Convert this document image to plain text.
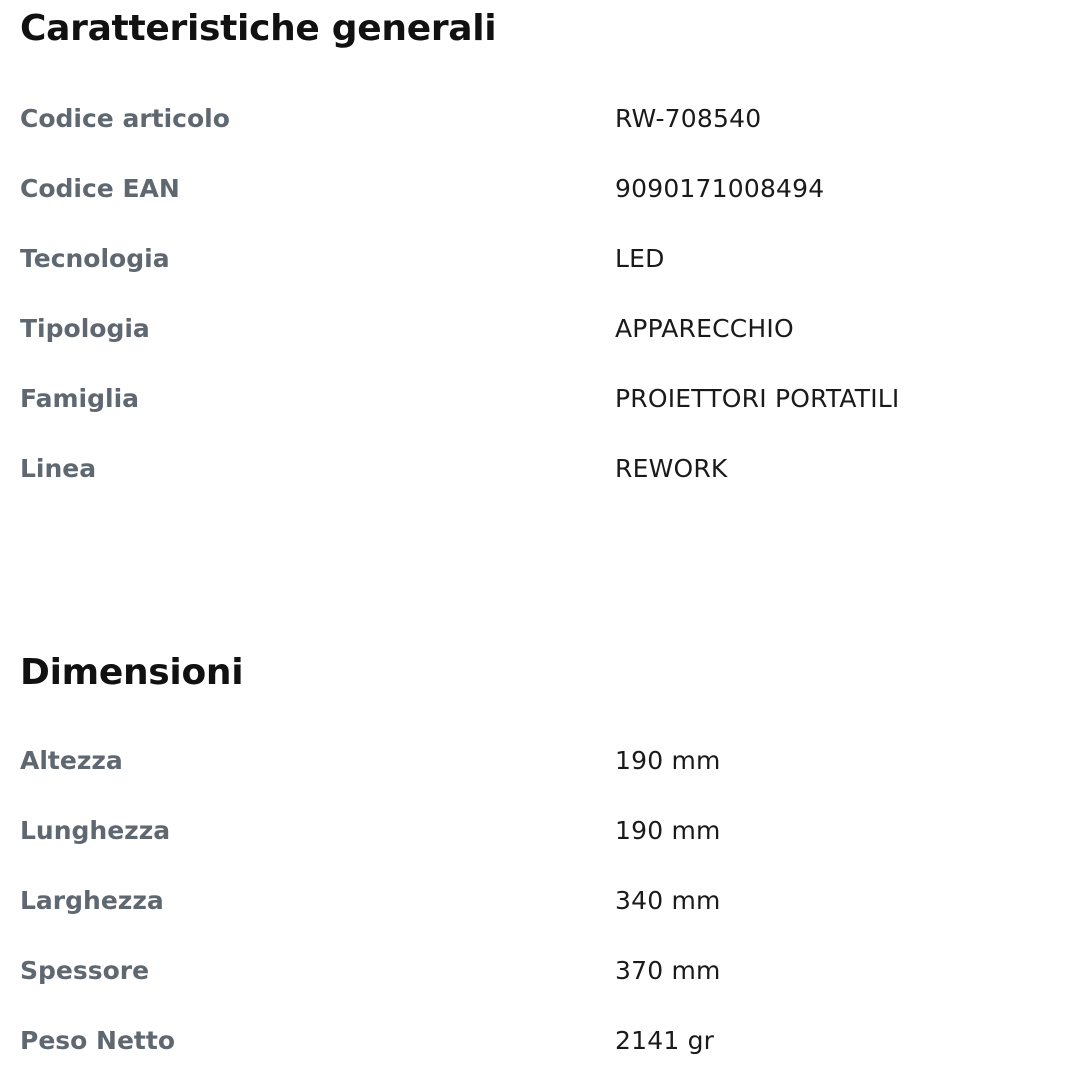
Caratteristiche generali
Codice articolo	RW-708540
Codice EAN	9090171008494
Tecnologia	LED
Tipologia	APPARECCHIO
Famiglia	PROIETTORI PORTATILI
Linea	REWORK
Dimensioni
Altezza	190 mm
Lunghezza	190 mm
Larghezza	340 mm
Spessore	370 mm
Peso Netto	2141 gr
